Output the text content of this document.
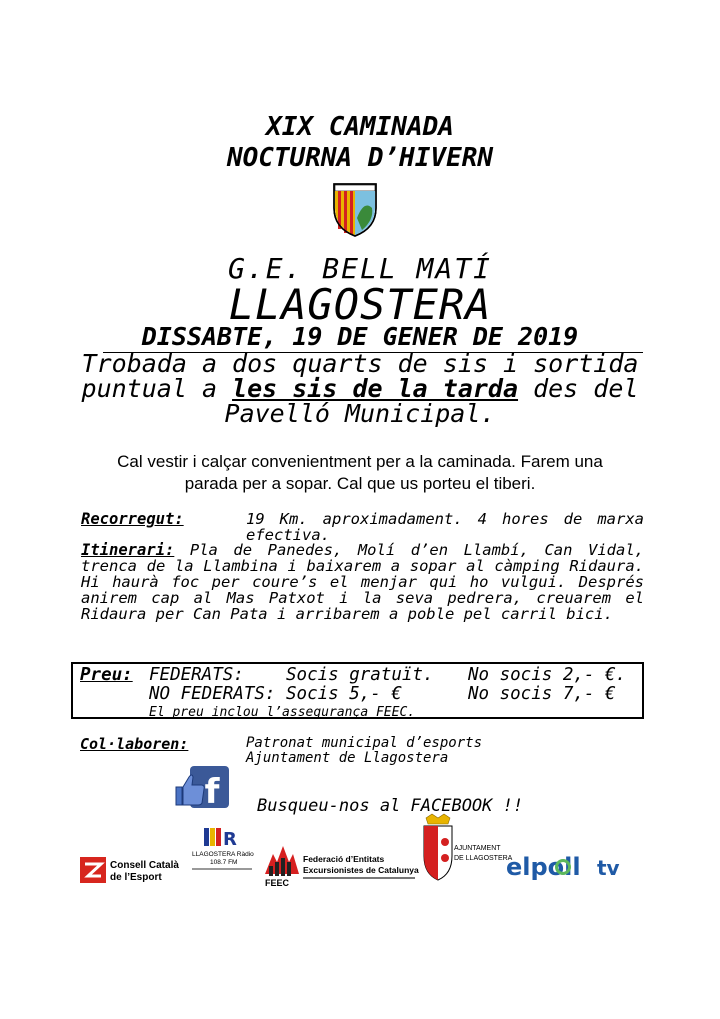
XIX CAMINADA
NOCTURNA D’HIVERN
G.E. BELL MATÍ
LLAGOSTERA
DISSABTE, 19 DE GENER DE 2019
Trobada a dos quarts de sis i sortida
puntual a les sis de la tarda des del
Pavelló Municipal.
Cal vestir i calçar convenientment per a la caminada. Farem una
parada per a sopar. Cal que us porteu el tiberi.
Recorregut:	19 Km. aproximadament. 4 hores de marxa efectiva.
Itinerari: Pla de Panedes, Molí d’en Llambí, Can Vidal, trenca de la Llambina i baixarem a sopar al càmping Ridaura. Hi haurà foc per coure’s el menjar qui ho vulgui. Després anirem cap al Mas Patxot i la seva pedrera, creuarem el Ridaura per Can Pata i arribarem a poble pel carril bici.
Preu: FEDERATS: Socis gratuït. No socis 2,- €.
NO FEDERATS: Socis 5,- €	No socis 7,- €
El preu inclou l’assegurança FEEC.
Col·laboren:	Patronat municipal d’esports
Ajuntament de Llagostera
f Busqueu-nos al FACEBOOK !!
Consell Català
de l’Esport
R
LLAGOSTERA Ràdio
108.7 FM
FEEC
Federació d’Entitats
Excursionistes de Catalunya
AJUNTAMENT
DE LLAGOSTERA
elpoll tv
